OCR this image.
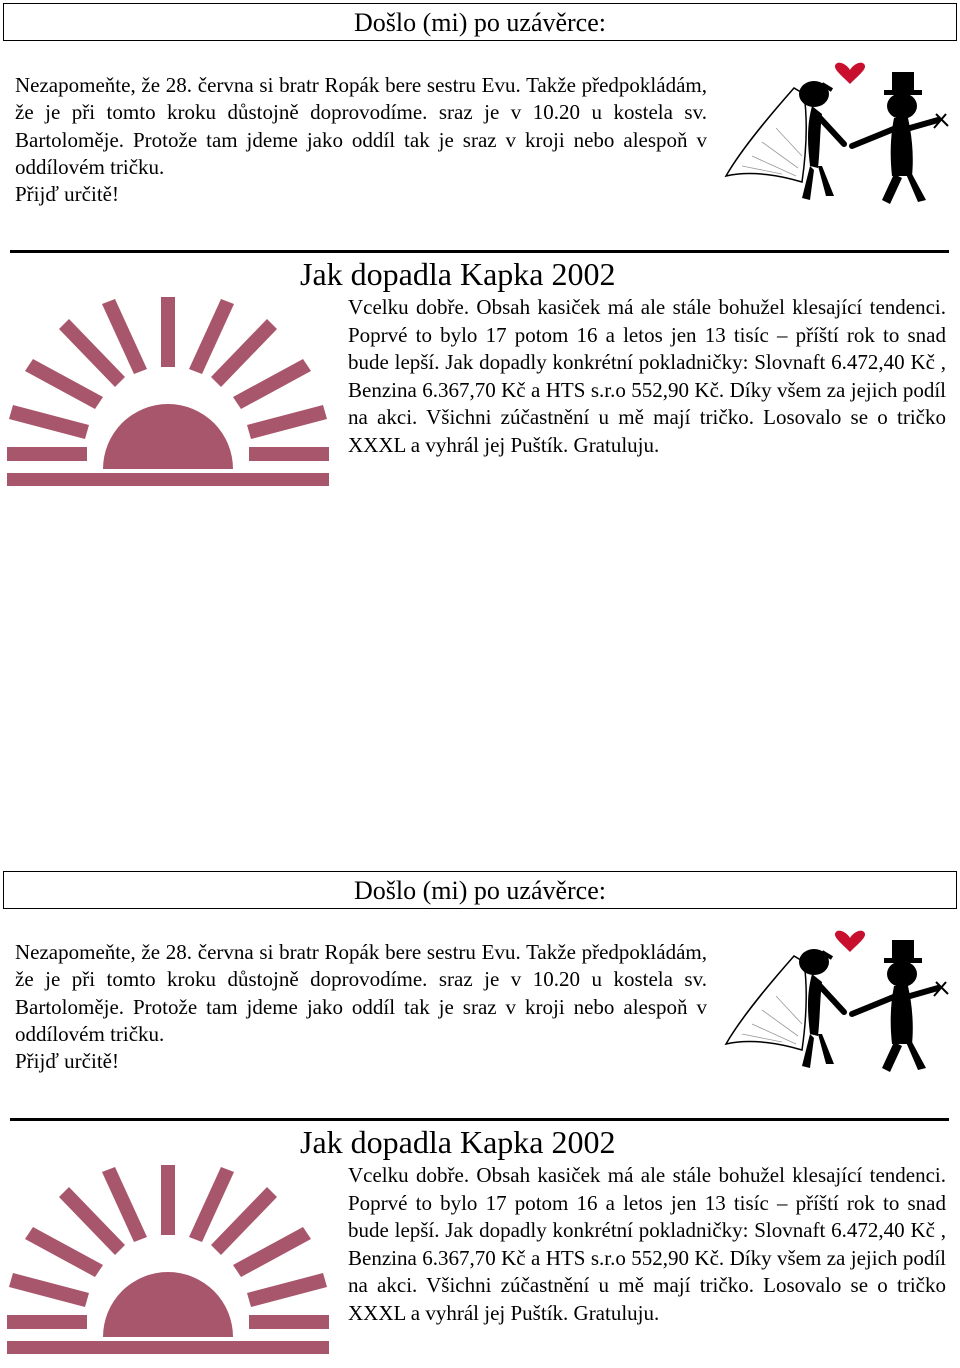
Došlo (mi) po uzávěrce:

Nezapomeňte, že 28. června si bratr Ropák bere sestru Evu. Takže předpokládám, že je při tomto kroku důstojně doprovodíme. sraz je v 10.20 u kostela sv. Bartoloměje. Protože tam jdeme jako oddíl tak je sraz v kroji nebo alespoň v oddílovém tričku.

Přijď určitě!

Jak dopadla Kapka 2002

Vcelku dobře. Obsah kasiček má ale stále bohužel klesající tendenci. Poprvé to bylo 17 potom 16 a letos jen 13 tisíc – příští rok to snad bude lepší. Jak dopadly konkrétní pokladničky: Slovnaft 6.472,40 Kč , Benzina 6.367,70 Kč a HTS s.r.o 552,90 Kč. Díky všem za jejich podíl na akci. Všichni zúčastnění u mě mají tričko. Losovalo se o tričko XXXL a vyhrál jej Puštík. Gratuluju.

Došlo (mi) po uzávěrce:

Nezapomeňte, že 28. června si bratr Ropák bere sestru Evu. Takže předpokládám, že je při tomto kroku důstojně doprovodíme. sraz je v 10.20 u kostela sv. Bartoloměje. Protože tam jdeme jako oddíl tak je sraz v kroji nebo alespoň v oddílovém tričku.

Přijď určitě!

Jak dopadla Kapka 2002

Vcelku dobře. Obsah kasiček má ale stále bohužel klesající tendenci. Poprvé to bylo 17 potom 16 a letos jen 13 tisíc – příští rok to snad bude lepší. Jak dopadly konkrétní pokladničky: Slovnaft 6.472,40 Kč , Benzina 6.367,70 Kč a HTS s.r.o 552,90 Kč. Díky všem za jejich podíl na akci. Všichni zúčastnění u mě mají tričko. Losovalo se o tričko XXXL a vyhrál jej Puštík. Gratuluju.
